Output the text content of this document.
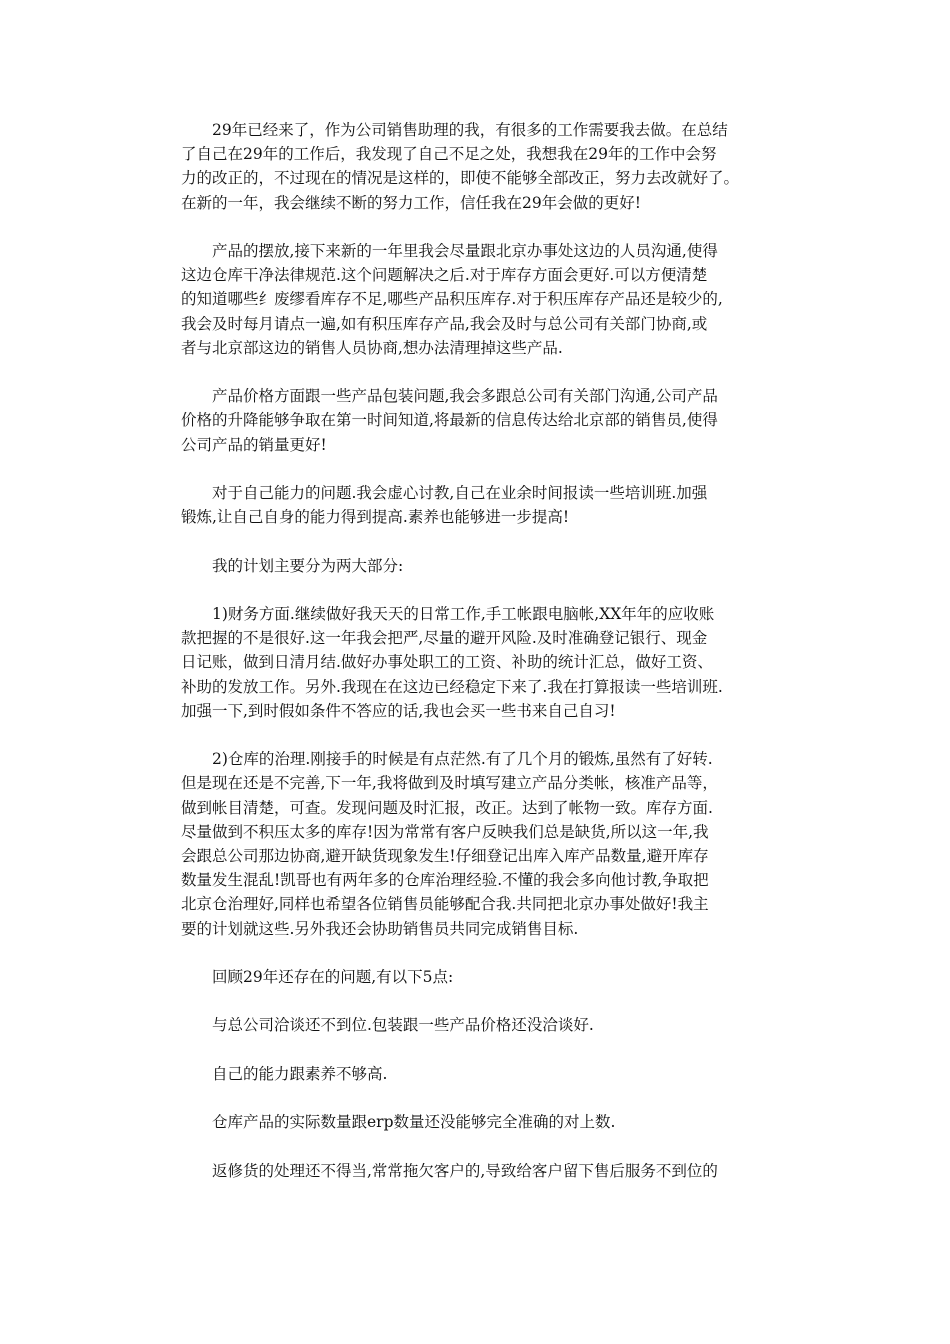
29年已经来了，作为公司销售助理的我，有很多的工作需要我去做。在总结
了自己在29年的工作后，我发现了自己不足之处，我想我在29年的工作中会努
力的改正的，不过现在的情况是这样的，即使不能够全部改正，努力去改就好了。
在新的一年，我会继续不断的努力工作，信任我在29年会做的更好!
产品的摆放,接下来新的一年里我会尽量跟北京办事处这边的人员沟通,使得
这边仓库干净法律规范.这个问题解决之后.对于库存方面会更好.可以方便清楚
的知道哪些纟废缪看库存不足,哪些产品积压库存.对于积压库存产品还是较少的,
我会及时每月请点一遍,如有积压库存产品,我会及时与总公司有关部门协商,或
者与北京部这边的销售人员协商,想办法清理掉这些产品.
产品价格方面跟一些产品包装问题,我会多跟总公司有关部门沟通,公司产品
价格的升降能够争取在第一时间知道,将最新的信息传达给北京部的销售员,使得
公司产品的销量更好!
对于自己能力的问题.我会虚心讨教,自己在业余时间报读一些培训班.加强
锻炼,让自己自身的能力得到提高.素养也能够进一步提高!
我的计划主要分为两大部分:
1)财务方面.继续做好我天天的日常工作,手工帐跟电脑帐,XX年年的应收账
款把握的不是很好.这一年我会把严,尽量的避开风险.及时准确登记银行、现金
日记账，做到日清月结.做好办事处职工的工资、补助的统计汇总，做好工资、
补助的发放工作。另外.我现在在这边已经稳定下来了.我在打算报读一些培训班.
加强一下,到时假如条件不答应的话,我也会买一些书来自己自习!
2)仓库的治理.刚接手的时候是有点茫然.有了几个月的锻炼,虽然有了好转.
但是现在还是不完善,下一年,我将做到及时填写建立产品分类帐，核准产品等，
做到帐目清楚，可查。发现问题及时汇报，改正。达到了帐物一致。库存方面.
尽量做到不积压太多的库存!因为常常有客户反映我们总是缺货,所以这一年,我
会跟总公司那边协商,避开缺货现象发生!仔细登记出库入库产品数量,避开库存
数量发生混乱!凯哥也有两年多的仓库治理经验.不懂的我会多向他讨教,争取把
北京仓治理好,同样也希望各位销售员能够配合我.共同把北京办事处做好!我主
要的计划就这些.另外我还会协助销售员共同完成销售目标.
回顾29年还存在的问题,有以下5点:
与总公司洽谈还不到位.包装跟一些产品价格还没洽谈好.
自己的能力跟素养不够高.
仓库产品的实际数量跟erp数量还没能够完全准确的对上数.
返修货的处理还不得当,常常拖欠客户的,导致给客户留下售后服务不到位的
